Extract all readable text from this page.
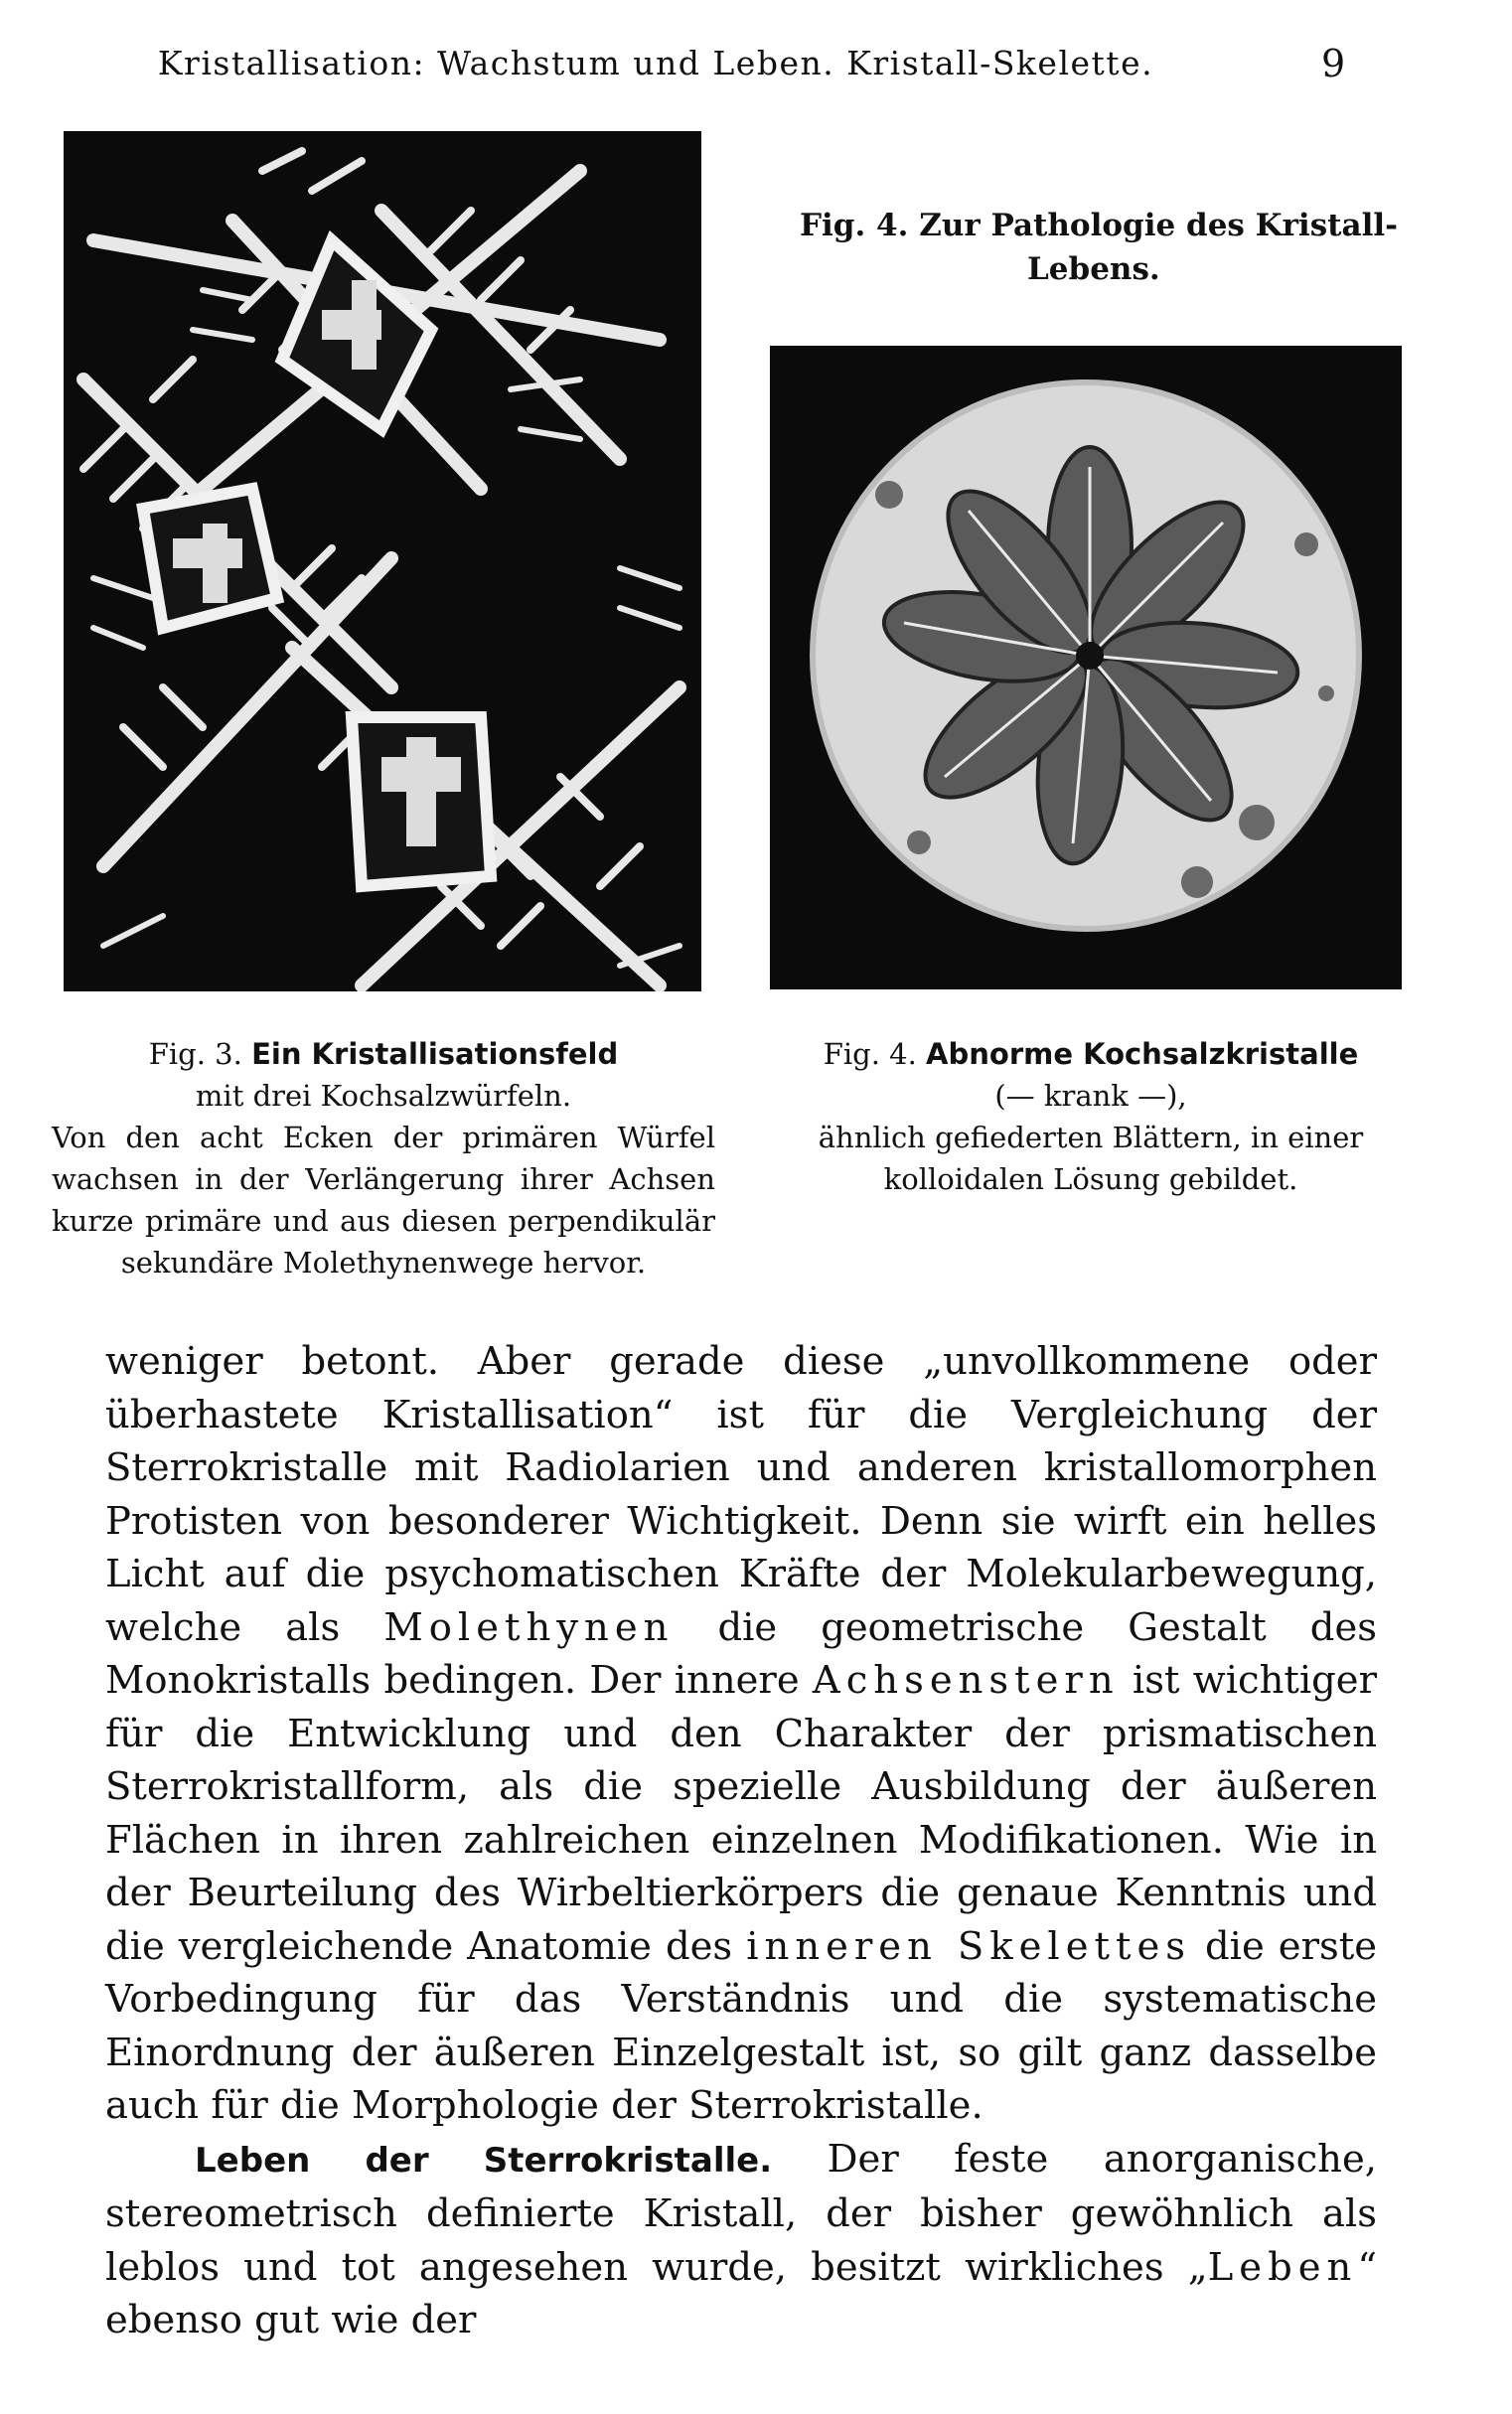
Kristallisation: Wachstum und Leben. Kristall-Skelette.	9
Fig. 4. Zur Pathologie des Kristall-
Lebens.
Fig. 3. Ein Kristallisationsfeld
mit drei Kochsalzwürfeln.
Von den acht Ecken der primären Würfel wachsen in der Verlängerung ihrer Achsen kurze primäre und aus diesen perpendikulär sekundäre Molethynenwege hervor.
Fig. 4. Abnorme Kochsalzkristalle
(— krank —),
ähnlich gefiederten Blättern, in einer
kolloidalen Lösung gebildet.

weniger betont. Aber gerade diese „unvollkommene oder überhastete Kristallisation“ ist für die Vergleichung der Sterrokristalle mit Radiolarien und anderen kristallomorphen Protisten von besonderer Wichtigkeit. Denn sie wirft ein helles Licht auf die psychomatischen Kräfte der Molekularbewegung, welche als Molethynen die geometrische Gestalt des Monokristalls bedingen. Der innere Achsenstern ist wichtiger für die Entwicklung und den Charakter der prismatischen Sterrokristallform, als die spezielle Ausbildung der äußeren Flächen in ihren zahlreichen einzelnen Modifikationen. Wie in der Beurteilung des Wirbeltierkörpers die genaue Kenntnis und die vergleichende Anatomie des inneren Skelettes die erste Vorbedingung für das Verständnis und die systematische Einordnung der äußeren Einzelgestalt ist, so gilt ganz dasselbe auch für die Morphologie der Sterrokristalle.

Leben der Sterrokristalle. Der feste anorganische, stereometrisch definierte Kristall, der bisher gewöhnlich als leblos und tot angesehen wurde, besitzt wirkliches „Leben“ ebenso gut wie der
